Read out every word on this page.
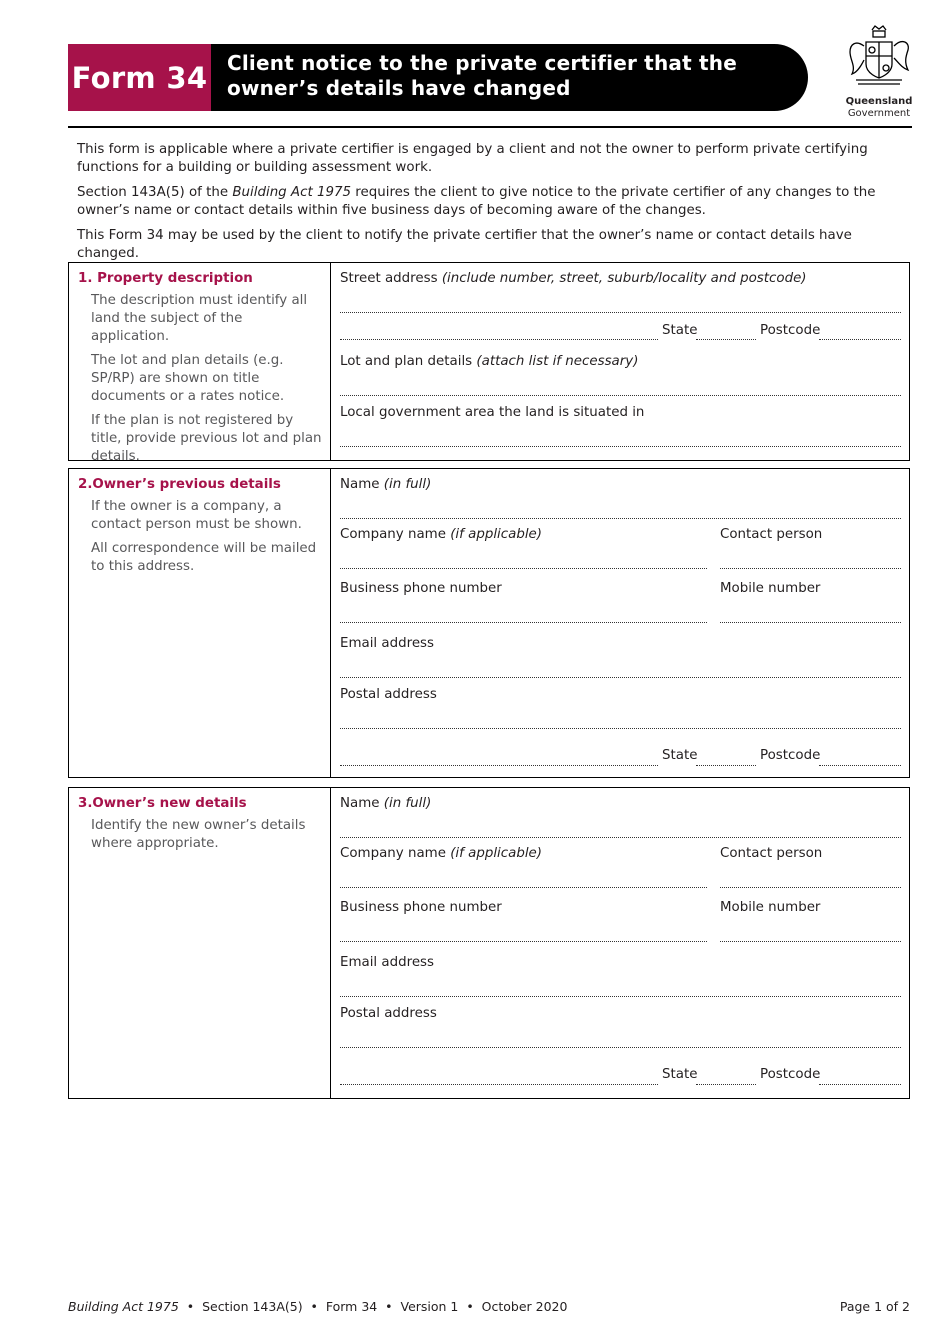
Form 34 Client notice to the private certifier that the
owner’s details have changed
Queensland
Government

This form is applicable where a private certifier is engaged by a client and not the owner to perform private certifying functions for a building or building assessment work.

Section 143A(5) of the Building Act 1975 requires the client to give notice to the private certifier of any changes to the owner’s name or contact details within five business days of becoming aware of the changes.

This Form 34 may be used by the client to notify the private certifier that the owner’s name or contact details have changed.

1. Property description
The description must identify all land the subject of the application.
The lot and plan details (e.g. SP/RP) are shown on title documents or a rates notice.
If the plan is not registered by title, provide previous lot and plan details.
Street address (include number, street, suburb/locality and postcode)
State	Postcode
Lot and plan details (attach list if necessary)
Local government area the land is situated in
2.Owner’s previous details
If the owner is a company, a contact person must be shown.
All correspondence will be mailed to this address.
Name (in full)
Company name (if applicable)	Contact person
Business phone number	Mobile number
Email address
Postal address
State	Postcode
3.Owner’s new details
Identify the new owner’s details where appropriate.
Name (in full)
Company name (if applicable)	Contact person
Business phone number	Mobile number
Email address
Postal address
State	Postcode
Building Act 1975  •  Section 143A(5)  •  Form 34  •  Version 1  •  October 2020	Page 1 of 2
